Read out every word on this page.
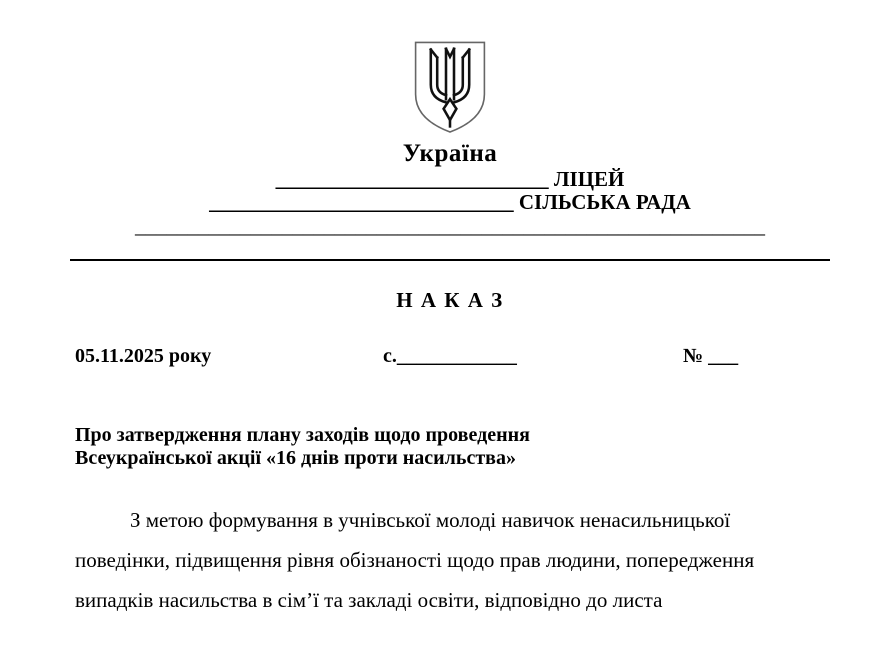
Україна
__________________________ ЛІЦЕЙ
_____________________________ СІЛЬСЬКА РАДА
____________________________________________________________
Н А К А З
05.11.2025 року	с.____________	№ ___
Про затвердження плану заходів щодо проведення
Всеукраїнської акції «16 днів проти насильства»
З метою формування в учнівської молоді навичок ненасильницької поведінки, підвищення рівня обізнаності щодо прав людини, попередження випадків насильства в сім’ї та закладі освіти, відповідно до листа
